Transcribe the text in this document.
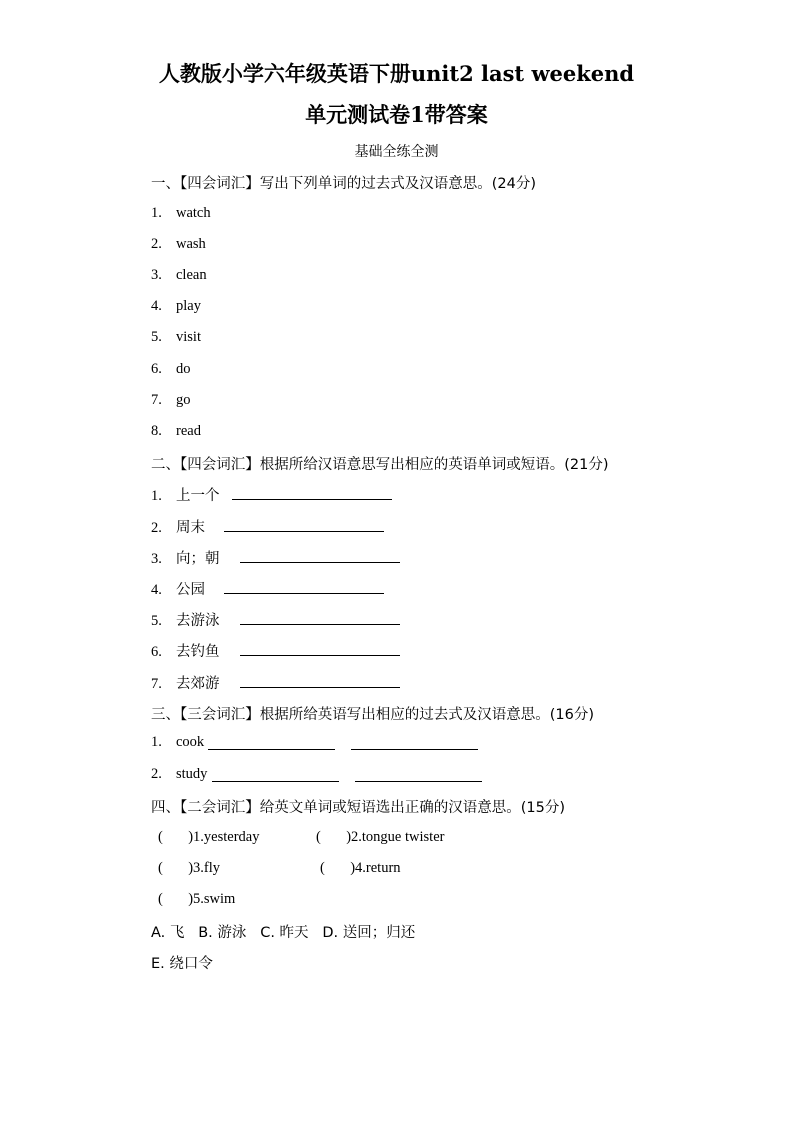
人教版小学六年级英语下册unit2 last weekend
单元测试卷1带答案
基础全练全测
一、【四会词汇】写出下列单词的过去式及汉语意思。(24分)
1. watch
2. wash
3. clean
4. play
5. visit
6. do
7. go
8. read
二、【四会词汇】根据所给汉语意思写出相应的英语单词或短语。(21分)
1. 上一个
2. 周末
3. 向；朝
4. 公园
5. 去游泳
6. 去钓鱼
7. 去郊游
三、【三会词汇】根据所给英语写出相应的过去式及汉语意思。(16分)
1. cook
2. study
四、【二会词汇】给英文单词或短语选出正确的汉语意思。(15分)
(       )1.yesterday	(       )2.tongue twister
(       )3.fly	(       )4.return
(       )5.swim
A. 飞   B. 游泳   C. 昨天   D. 送回；归还
E. 绕口令
